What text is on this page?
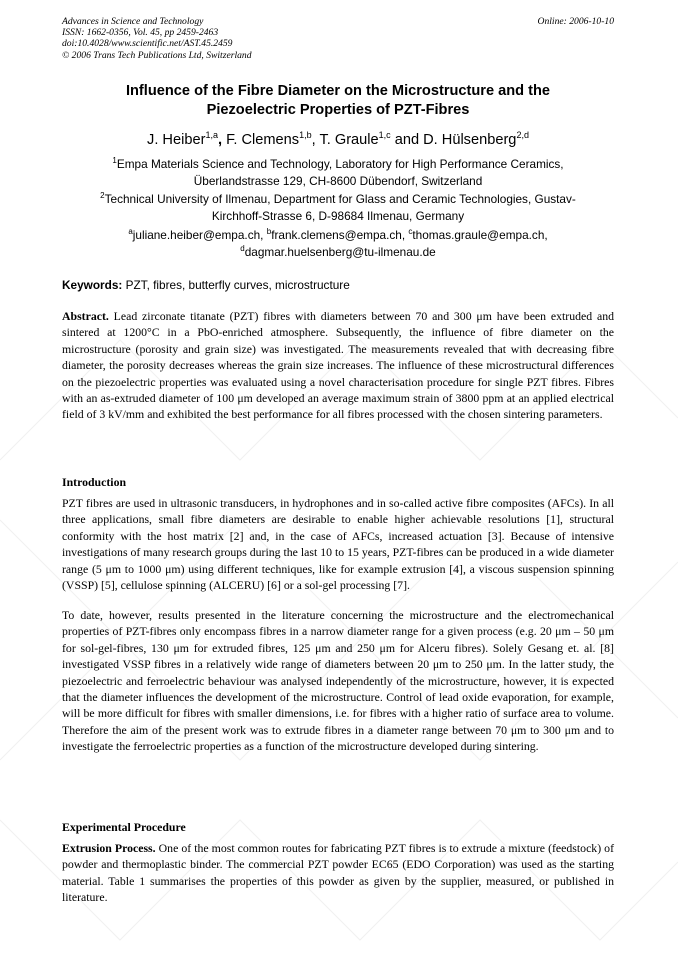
Advances in Science and Technology
ISSN: 1662-0356, Vol. 45, pp 2459-2463
doi:10.4028/www.scientific.net/AST.45.2459
© 2006 Trans Tech Publications Ltd, Switzerland
Online: 2006-10-10
Influence of the Fibre Diameter on the Microstructure and the
Piezoelectric Properties of PZT-Fibres
J. Heiber$^{1,a}$, F. Clemens$^{1,b}$, T. Graule$^{1,c}$ and D. Hülsenberg$^{2,d}$
$^1$Empa Materials Science and Technology, Laboratory for High Performance Ceramics,
Überlandstrasse 129, CH-8600 Dübendorf, Switzerland
$^2$Technical University of Ilmenau, Department for Glass and Ceramic Technologies, Gustav-
Kirchhoff-Strasse 6, D-98684 Ilmenau, Germany
$^a$juliane.heiber@empa.ch, $^b$frank.clemens@empa.ch, $^c$thomas.graule@empa.ch,
$^d$dagmar.huelsenberg@tu-ilmenau.de
Keywords: PZT, fibres, butterfly curves, microstructure

Abstract. Lead zirconate titanate (PZT) fibres with diameters between 70 and 300 μm have been extruded and sintered at 1200°C in a PbO-enriched atmosphere. Subsequently, the influence of fibre diameter on the microstructure (porosity and grain size) was investigated. The measurements revealed that with decreasing fibre diameter, the porosity decreases whereas the grain size increases. The influence of these microstructural differences on the piezoelectric properties was evaluated using a novel characterisation procedure for single PZT fibres. Fibres with an as-extruded diameter of 100 μm developed an average maximum strain of 3800 ppm at an applied electrical field of 3 kV/mm and exhibited the best performance for all fibres processed with the chosen sintering parameters.

Introduction

PZT fibres are used in ultrasonic transducers, in hydrophones and in so-called active fibre composites (AFCs). In all three applications, small fibre diameters are desirable to enable higher achievable resolutions [1], structural conformity with the host matrix [2] and, in the case of AFCs, increased actuation [3]. Because of intensive investigations of many research groups during the last 10 to 15 years, PZT-fibres can be produced in a wide diameter range (5 μm to 1000 μm) using different techniques, like for example extrusion [4], a viscous suspension spinning (VSSP) [5], cellulose spinning (ALCERU) [6] or a sol-gel processing [7].

To date, however, results presented in the literature concerning the microstructure and the electromechanical properties of PZT-fibres only encompass fibres in a narrow diameter range for a given process (e.g. 20 μm – 50 μm for sol-gel-fibres, 130 μm for extruded fibres, 125 μm and 250 μm for Alceru fibres). Solely Gesang et. al. [8] investigated VSSP fibres in a relatively wide range of diameters between 20 μm to 250 μm. In the latter study, the piezoelectric and ferroelectric behaviour was analysed independently of the microstructure, however, it is expected that the diameter influences the development of the microstructure. Control of lead oxide evaporation, for example, will be more difficult for fibres with smaller dimensions, i.e. for fibres with a higher ratio of surface area to volume. Therefore the aim of the present work was to extrude fibres in a diameter range between 70 μm to 300 μm and to investigate the ferroelectric properties as a function of the microstructure developed during sintering.

Experimental Procedure

Extrusion Process. One of the most common routes for fabricating PZT fibres is to extrude a mixture (feedstock) of powder and thermoplastic binder. The commercial PZT powder EC65 (EDO Corporation) was used as the starting material. Table 1 summarises the properties of this powder as given by the supplier, measured, or published in literature.
